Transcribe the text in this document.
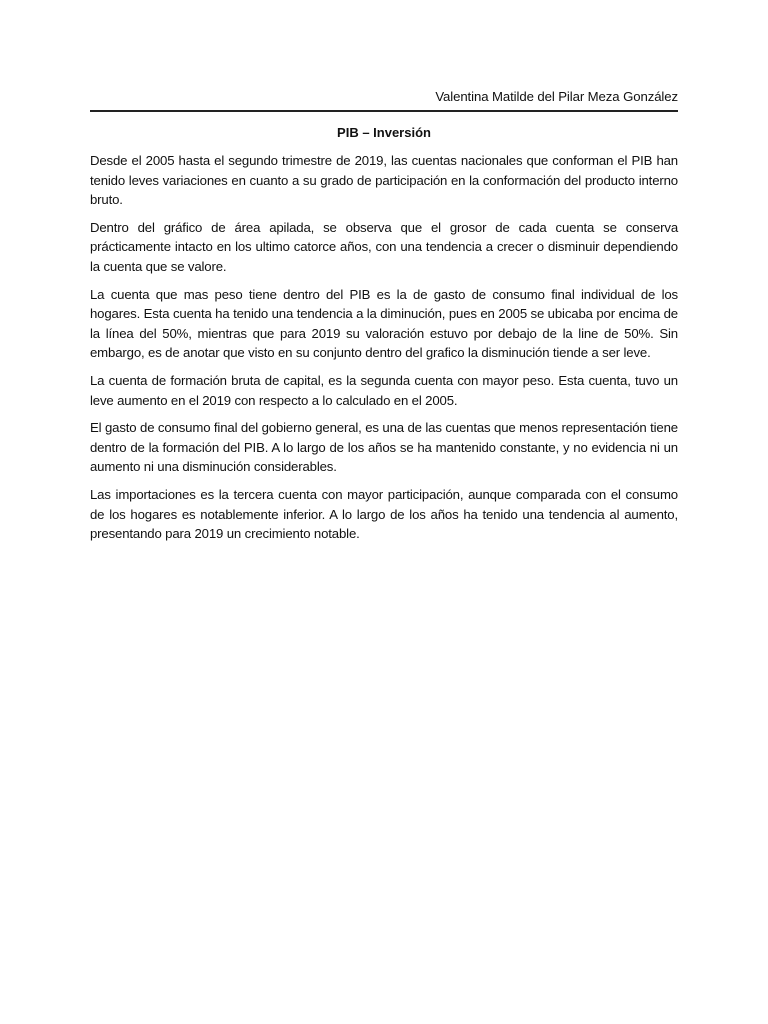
Valentina Matilde del Pilar Meza González
PIB – Inversión

Desde el 2005 hasta el segundo trimestre de 2019, las cuentas nacionales que conforman el PIB han tenido leves variaciones en cuanto a su grado de participación en la conformación del producto interno bruto.

Dentro del gráfico de área apilada, se observa que el grosor de cada cuenta se conserva prácticamente intacto en los ultimo catorce años, con una tendencia a crecer o disminuir dependiendo la cuenta que se valore.

La cuenta que mas peso tiene dentro del PIB es la de gasto de consumo final individual de los hogares. Esta cuenta ha tenido una tendencia a la diminución, pues en 2005 se ubicaba por encima de la línea del 50%, mientras que para 2019 su valoración estuvo por debajo de la line de 50%. Sin embargo, es de anotar que visto en su conjunto dentro del grafico la disminución tiende a ser leve.

La cuenta de formación bruta de capital, es la segunda cuenta con mayor peso. Esta cuenta, tuvo un leve aumento en el 2019 con respecto a lo calculado en el 2005.

El gasto de consumo final del gobierno general, es una de las cuentas que menos representación tiene dentro de la formación del PIB. A lo largo de los años se ha mantenido constante, y no evidencia ni un aumento ni una disminución considerables.

Las importaciones es la tercera cuenta con mayor participación, aunque comparada con el consumo de los hogares es notablemente inferior. A lo largo de los años ha tenido una tendencia al aumento, presentando para 2019 un crecimiento notable.
